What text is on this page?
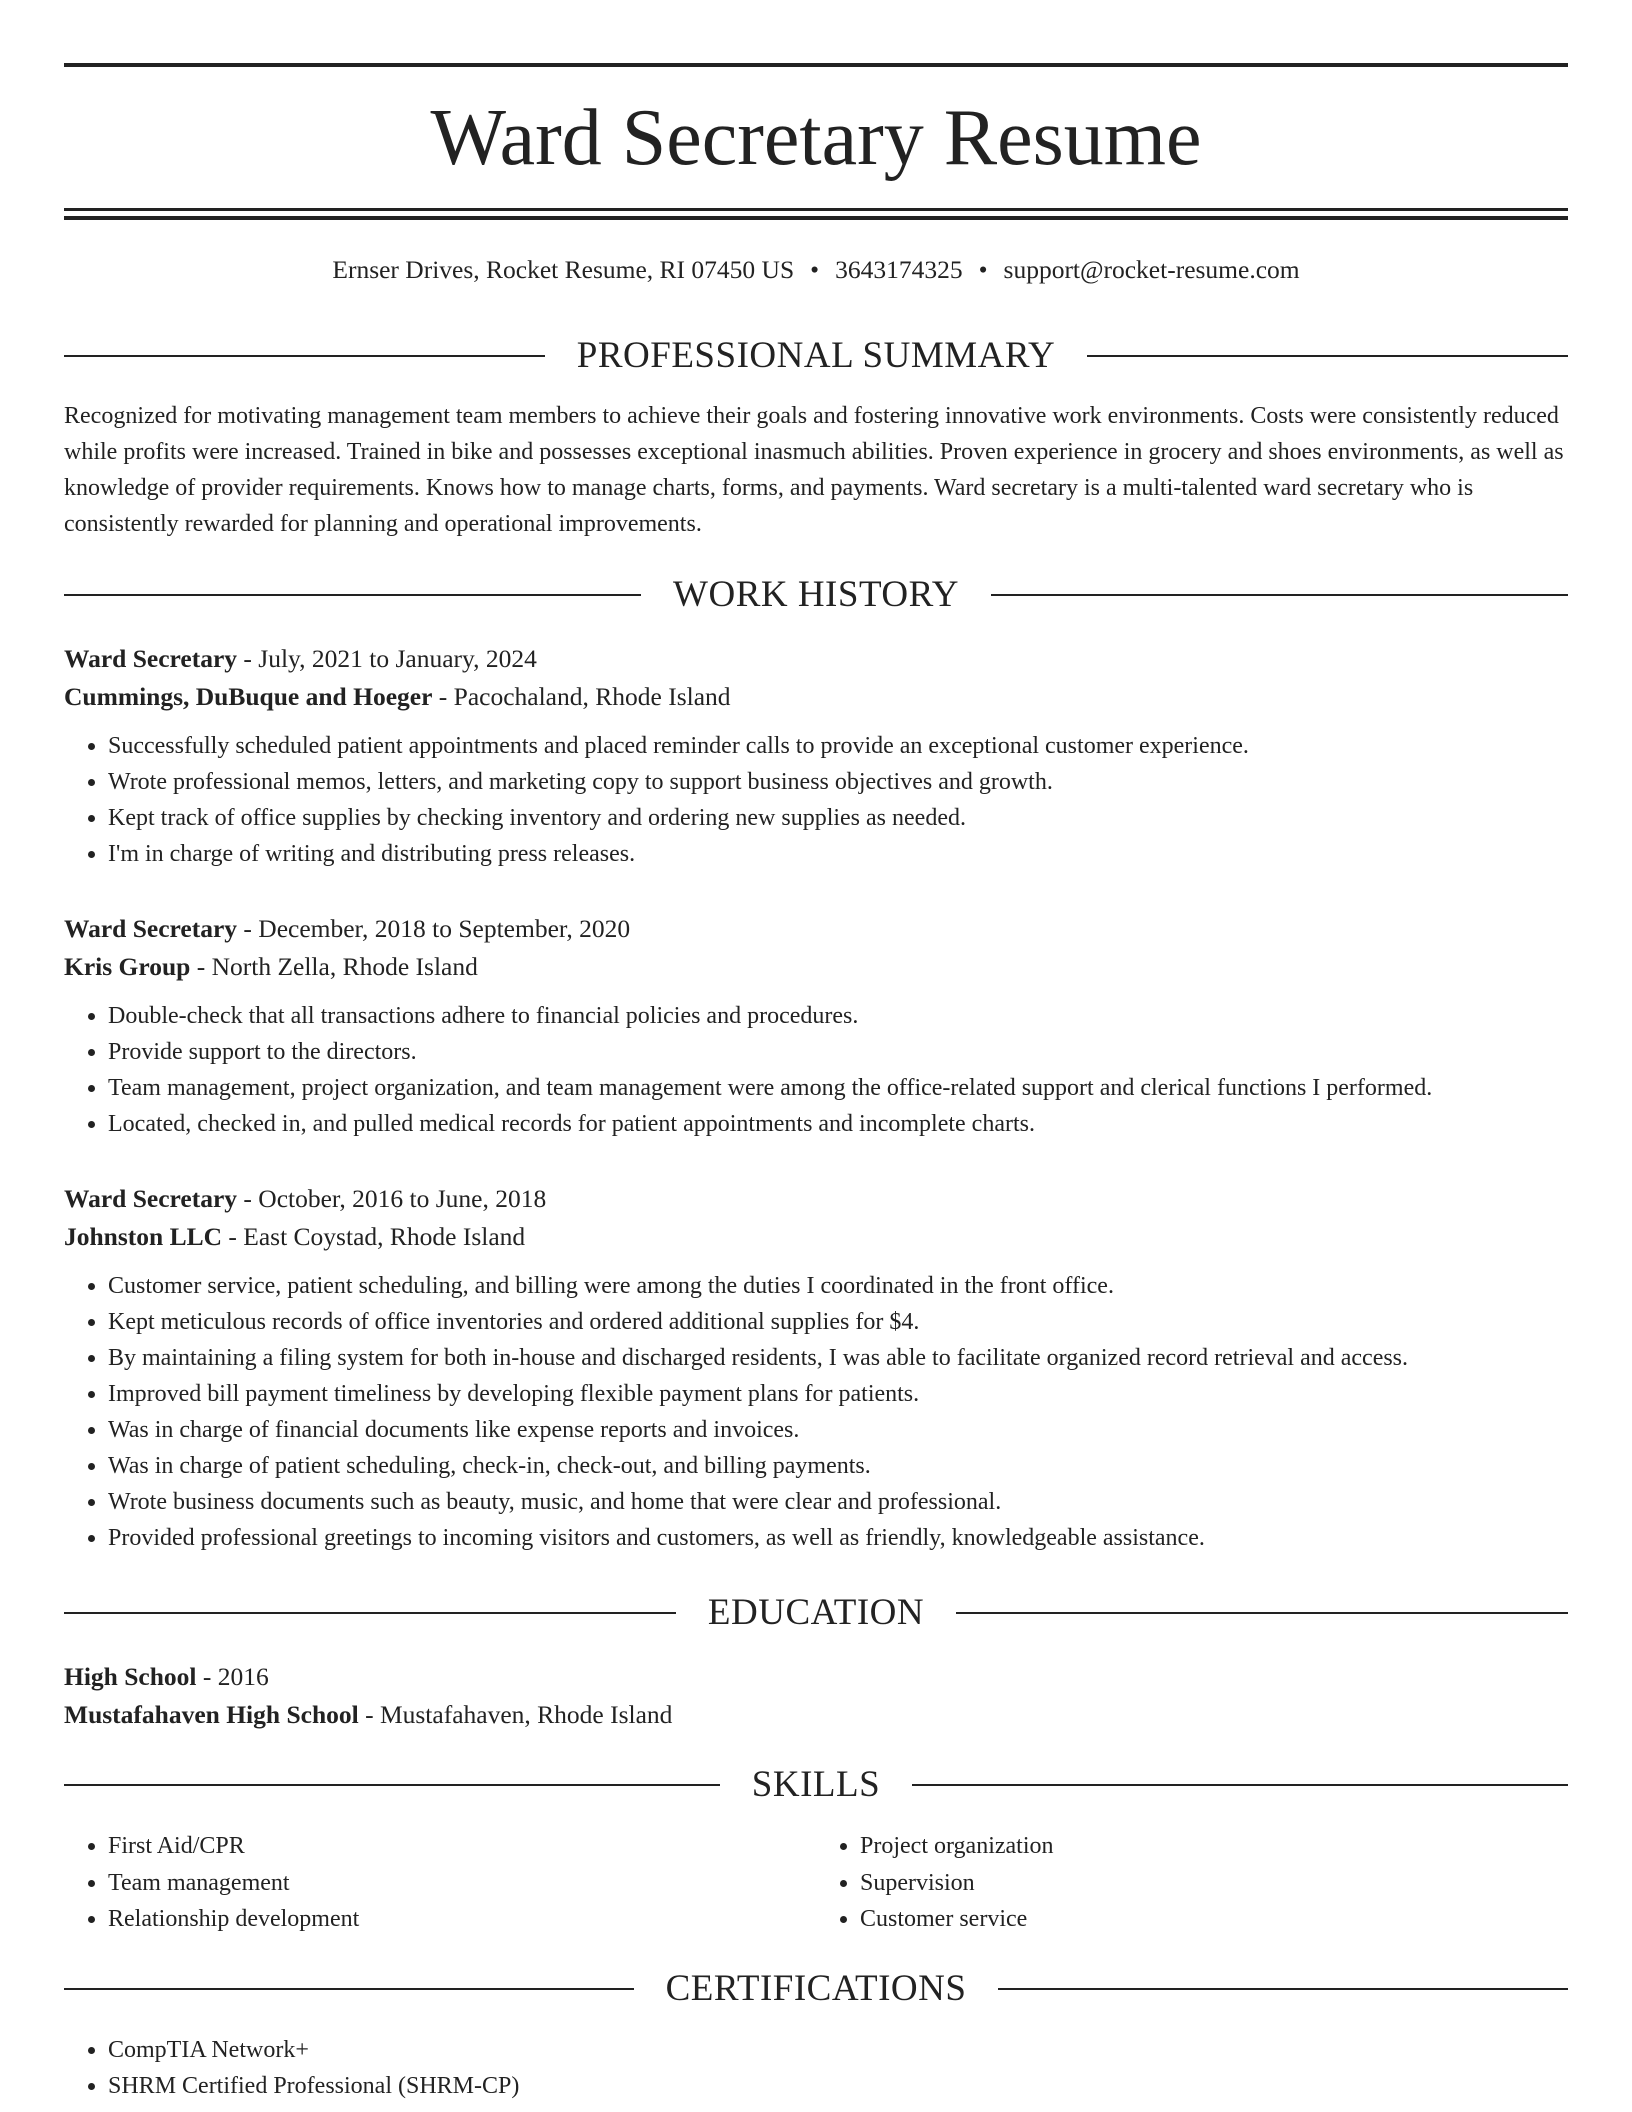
Ward Secretary Resume
Ernser Drives, Rocket Resume, RI 07450 US • 3643174325 • support@rocket-resume.com
PROFESSIONAL SUMMARY
Recognized for motivating management team members to achieve their goals and fostering innovative work environments. Costs were consistently reduced while profits were increased. Trained in bike and possesses exceptional inasmuch abilities. Proven experience in grocery and shoes environments, as well as knowledge of provider requirements. Knows how to manage charts, forms, and payments. Ward secretary is a multi-talented ward secretary who is consistently rewarded for planning and operational improvements.
WORK HISTORY

Ward Secretary - July, 2021 to January, 2024

Cummings, DuBuque and Hoeger - Pacochaland, Rhode Island

• Successfully scheduled patient appointments and placed reminder calls to provide an exceptional customer experience.
• Wrote professional memos, letters, and marketing copy to support business objectives and growth.
• Kept track of office supplies by checking inventory and ordering new supplies as needed.
• I'm in charge of writing and distributing press releases.

Ward Secretary - December, 2018 to September, 2020

Kris Group - North Zella, Rhode Island

• Double-check that all transactions adhere to financial policies and procedures.
• Provide support to the directors.
• Team management, project organization, and team management were among the office-related support and clerical functions I performed.
• Located, checked in, and pulled medical records for patient appointments and incomplete charts.

Ward Secretary - October, 2016 to June, 2018

Johnston LLC - East Coystad, Rhode Island

• Customer service, patient scheduling, and billing were among the duties I coordinated in the front office.
• Kept meticulous records of office inventories and ordered additional supplies for $4.
• By maintaining a filing system for both in-house and discharged residents, I was able to facilitate organized record retrieval and access.
• Improved bill payment timeliness by developing flexible payment plans for patients.
• Was in charge of financial documents like expense reports and invoices.
• Was in charge of patient scheduling, check-in, check-out, and billing payments.
• Wrote business documents such as beauty, music, and home that were clear and professional.
• Provided professional greetings to incoming visitors and customers, as well as friendly, knowledgeable assistance.
EDUCATION

High School - 2016

Mustafahaven High School - Mustafahaven, Rhode Island

SKILLS
• First Aid/CPR
• Team management
• Relationship development
• Project organization
• Supervision
• Customer service
CERTIFICATIONS
• CompTIA Network+
• SHRM Certified Professional (SHRM-CP)
